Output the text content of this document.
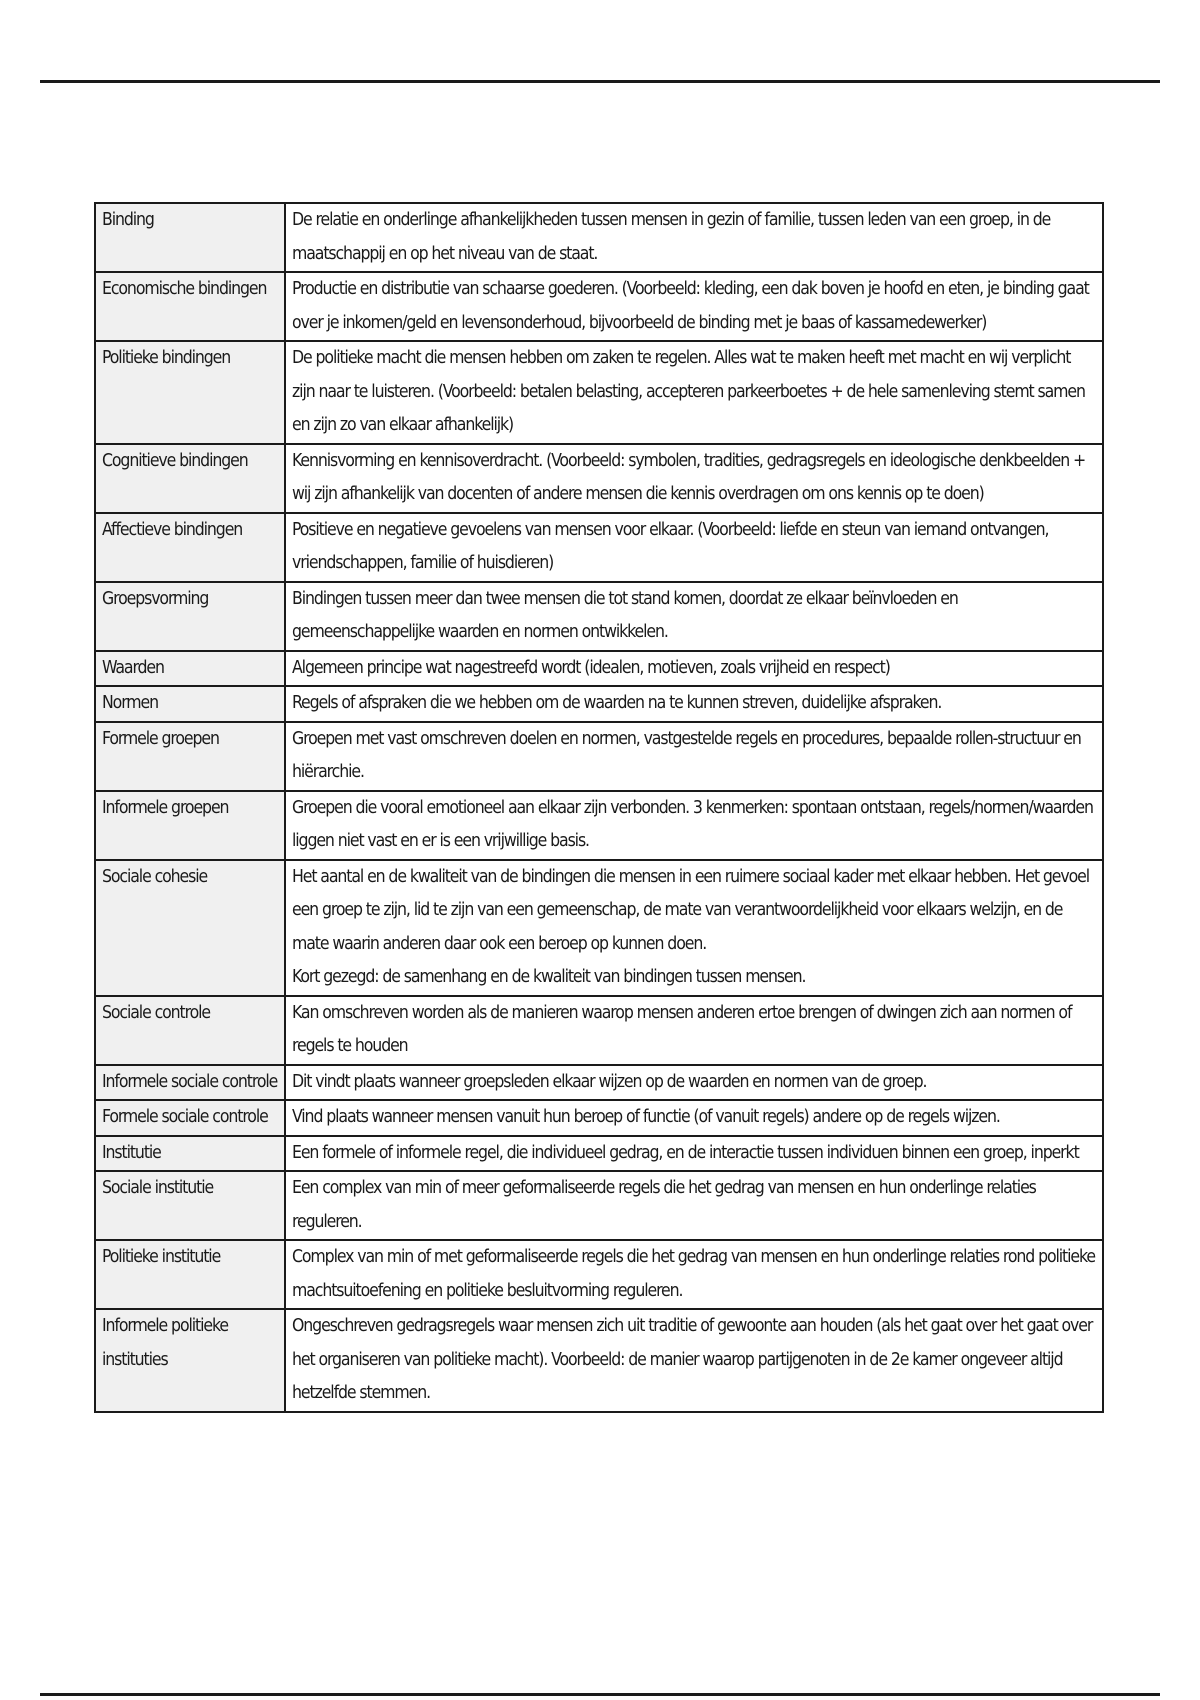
Binding	De relatie en onderlinge afhankelijkheden tussen mensen in gezin of familie, tussen leden van een groep, in de maatschappij en op het niveau van de staat.
Economische bindingen	Productie en distributie van schaarse goederen. (Voorbeeld: kleding, een dak boven je hoofd en eten, je binding gaat over je inkomen/geld en levensonderhoud, bijvoorbeeld de binding met je baas of kassamedewerker)
Politieke bindingen	De politieke macht die mensen hebben om zaken te regelen. Alles wat te maken heeft met macht en wij verplicht zijn naar te luisteren. (Voorbeeld: betalen belasting, accepteren parkeerboetes + de hele samenleving stemt samen en zijn zo van elkaar afhankelijk)
Cognitieve bindingen	Kennisvorming en kennisoverdracht. (Voorbeeld: symbolen, tradities, gedragsregels en ideologische denkbeelden + wij zijn afhankelijk van docenten of andere mensen die kennis overdragen om ons kennis op te doen)
Affectieve bindingen	Positieve en negatieve gevoelens van mensen voor elkaar. (Voorbeeld: liefde en steun van iemand ontvangen, vriendschappen, familie of huisdieren)
Groepsvorming	Bindingen tussen meer dan twee mensen die tot stand komen, doordat ze elkaar beïnvloeden en gemeenschappelijke waarden en normen ontwikkelen.
Waarden	Algemeen principe wat nagestreefd wordt (idealen, motieven, zoals vrijheid en respect)
Normen	Regels of afspraken die we hebben om de waarden na te kunnen streven, duidelijke afspraken.
Formele groepen	Groepen met vast omschreven doelen en normen, vastgestelde regels en procedures, bepaalde rollen-structuur en hiërarchie.
Informele groepen	Groepen die vooral emotioneel aan elkaar zijn verbonden. 3 kenmerken: spontaan ontstaan, regels/normen/waarden liggen niet vast en er is een vrijwillige basis.
Sociale cohesie	Het aantal en de kwaliteit van de bindingen die mensen in een ruimere sociaal kader met elkaar hebben. Het gevoel een groep te zijn, lid te zijn van een gemeenschap, de mate van verantwoordelijkheid voor elkaars welzijn, en de mate waarin anderen daar ook een beroep op kunnen doen.
Kort gezegd: de samenhang en de kwaliteit van bindingen tussen mensen.
Sociale controle	Kan omschreven worden als de manieren waarop mensen anderen ertoe brengen of dwingen zich aan normen of regels te houden
Informele sociale controle	Dit vindt plaats wanneer groepsleden elkaar wijzen op de waarden en normen van de groep.
Formele sociale controle	Vind plaats wanneer mensen vanuit hun beroep of functie (of vanuit regels) andere op de regels wijzen.
Institutie	Een formele of informele regel, die individueel gedrag, en de interactie tussen individuen binnen een groep, inperkt
Sociale institutie	Een complex van min of meer geformaliseerde regels die het gedrag van mensen en hun onderlinge relaties reguleren.
Politieke institutie	Complex van min of met geformaliseerde regels die het gedrag van mensen en hun onderlinge relaties rond politieke machtsuitoefening en politieke besluitvorming reguleren.
Informele politieke instituties	Ongeschreven gedragsregels waar mensen zich uit traditie of gewoonte aan houden (als het gaat over het gaat over het organiseren van politieke macht). Voorbeeld: de manier waarop partijgenoten in de 2e kamer ongeveer altijd hetzelfde stemmen.
